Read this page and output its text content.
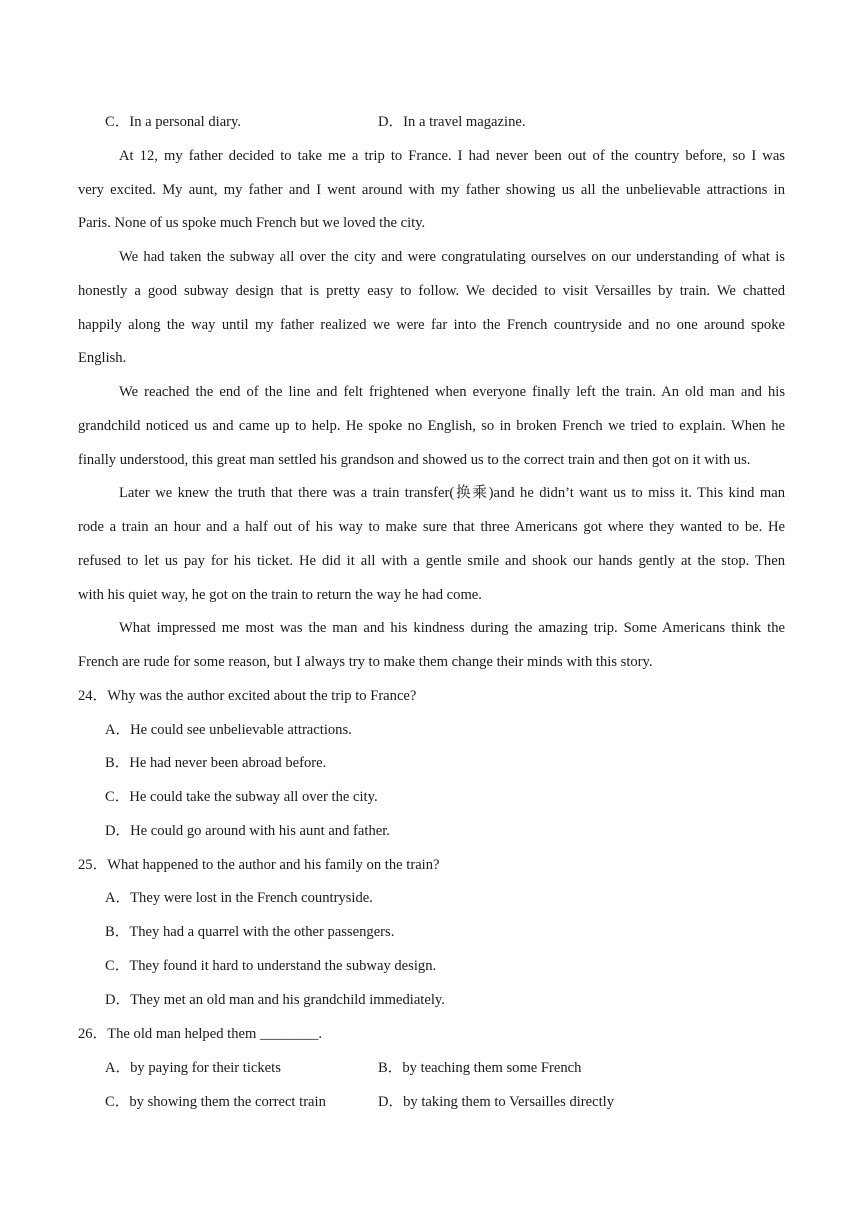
C．In a personal diary.	D．In a travel magazine.
At 12, my father decided to take me a trip to France. I had never been out of the country before, so I was
very excited. My aunt, my father and I went around with my father showing us all the unbelievable attractions in
Paris. None of us spoke much French but we loved the city.
We had taken the subway all over the city and were congratulating ourselves on our understanding of what is
honestly a good subway design that is pretty easy to follow. We decided to visit Versailles by train. We chatted
happily along the way until my father realized we were far into the French countryside and no one around spoke
English.
We reached the end of the line and felt frightened when everyone finally left the train. An old man and his
grandchild noticed us and came up to help. He spoke no English, so in broken French we tried to explain. When he
finally understood, this great man settled his grandson and showed us to the correct train and then got on it with us.
Later we knew the truth that there was a train transfer(换乘)and he didn’t want us to miss it. This kind man
rode a train an hour and a half out of his way to make sure that three Americans got where they wanted to be. He
refused to let us pay for his ticket. He did it all with a gentle smile and shook our hands gently at the stop. Then
with his quiet way, he got on the train to return the way he had come.
What impressed me most was the man and his kindness during the amazing trip. Some Americans think the
French are rude for some reason, but I always try to make them change their minds with this story.
24．Why was the author excited about the trip to France?
A．He could see unbelievable attractions.
B．He had never been abroad before.
C．He could take the subway all over the city.
D．He could go around with his aunt and father.
25．What happened to the author and his family on the train?
A．They were lost in the French countryside.
B．They had a quarrel with the other passengers.
C．They found it hard to understand the subway design.
D．They met an old man and his grandchild immediately.
26．The old man helped them ________.
A．by paying for their tickets	B．by teaching them some French
C．by showing them the correct train	D．by taking them to Versailles directly
